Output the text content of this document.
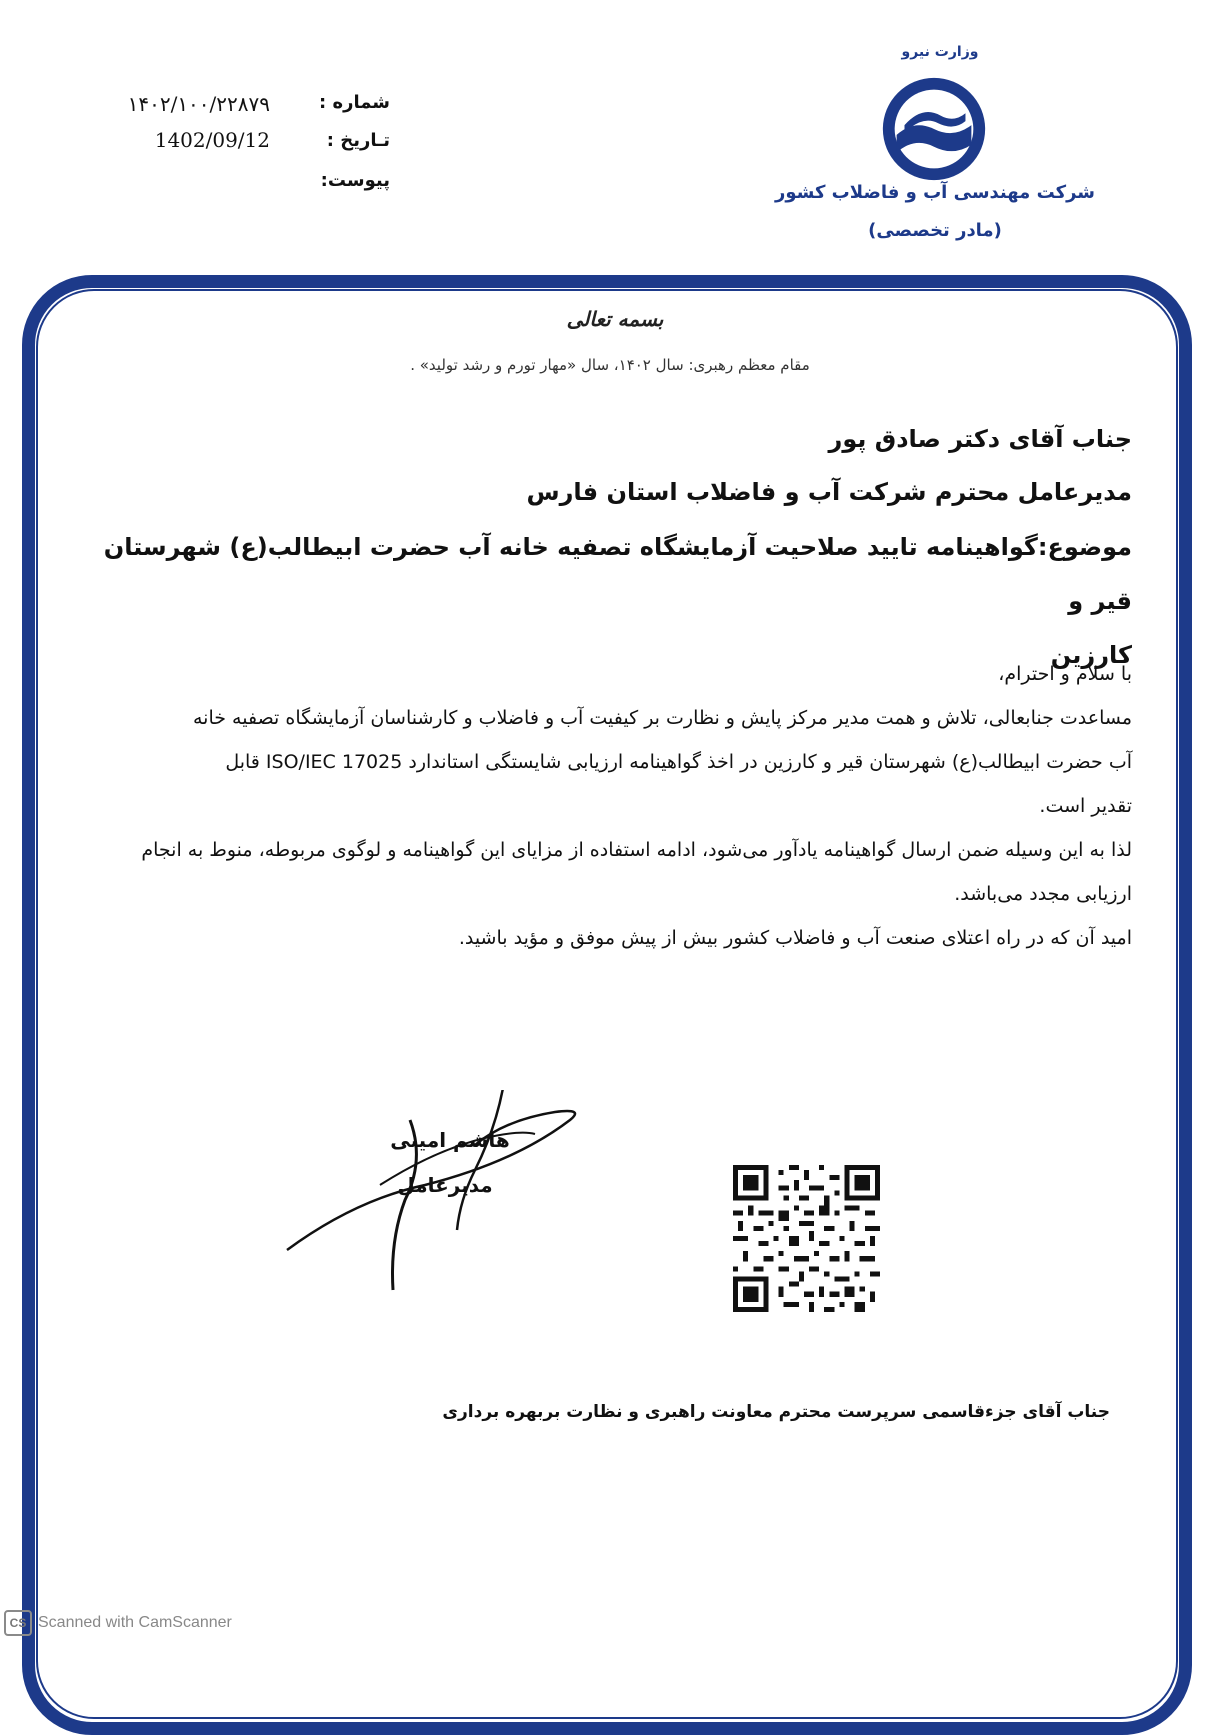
وزارت نیرو
شرکت مهندسی آب و فاضلاب کشور
(مادر تخصصی)
شماره :
۱۴۰۲/۱۰۰/۲۲۸۷۹
تـاریخ :
1402/09/12
پیوست:
بسمه تعالی
مقام معظم رهبری: سال ۱۴۰۲، سال «مهار تورم و رشد تولید» .
جناب آقای دکتر صادق پور
مدیرعامل محترم شرکت آب و فاضلاب استان فارس
موضوع:گواهینامه تایید صلاحیت آزمایشگاه تصفیه خانه آب حضرت ابیطالب(ع) شهرستان قیر و
کارزین

با سلام و احترام،

مساعدت جنابعالی، تلاش و همت مدیر مرکز پایش و نظارت بر کیفیت آب و فاضلاب و کارشناسان آزمایشگاه تصفیه خانه

آب حضرت ابیطالب(ع) شهرستان قیر و کارزین در اخذ گواهینامه ارزیابی شایستگی استاندارد ISO/IEC 17025 قابل

تقدیر است.

لذا به این وسیله ضمن ارسال گواهینامه یادآور می‌شود، ادامه استفاده از مزایای این گواهینامه و لوگوی مربوطه، منوط به انجام

ارزیابی مجدد می‌باشد.

امید آن که در راه اعتلای صنعت آب و فاضلاب کشور بیش از پیش موفق و مؤید باشید.

هاشم امینی
مدیرعامل
جناب آقای جزءقاسمی سرپرست محترم معاونت راهبری و نظارت بربهره برداری
CS Scanned with CamScanner
